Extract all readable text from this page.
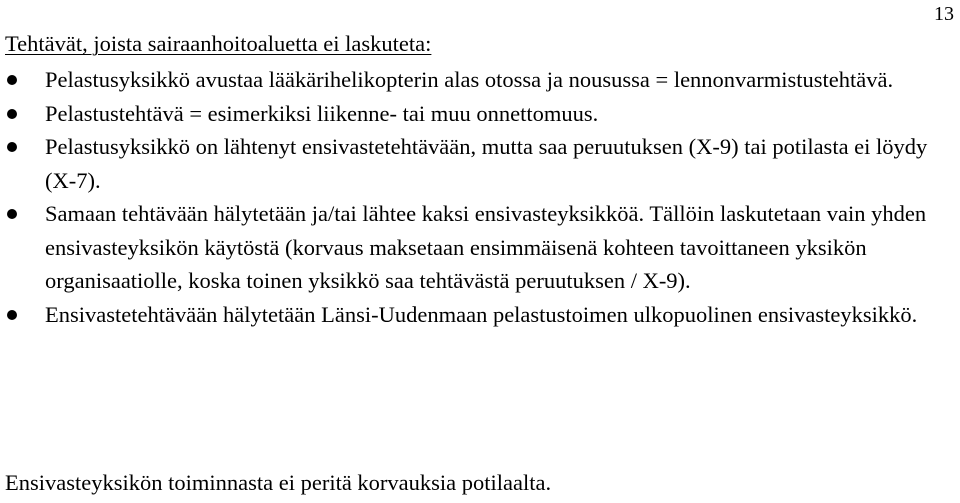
13
Tehtävät, joista sairaanhoitoaluetta ei laskuteta:
Pelastusyksikkö avustaa lääkärihelikopterin alas otossa ja nousussa = lennonvarmistustehtävä.
Pelastustehtävä = esimerkiksi liikenne- tai muu onnettomuus.
Pelastusyksikkö on lähtenyt ensivastetehtävään, mutta saa peruutuksen (X-9) tai potilasta ei löydy (X-7).
Samaan tehtävään hälytetään ja/tai lähtee kaksi ensivasteyksikköä. Tällöin laskutetaan vain yhden ensivasteyksikön käytöstä (korvaus maksetaan ensimmäisenä kohteen tavoittaneen yksikön organisaatiolle, koska toinen yksikkö saa tehtävästä peruutuksen / X-9).
Ensivastetehtävään hälytetään Länsi-Uudenmaan pelastustoimen ulkopuolinen ensivasteyksikkö.
Ensivasteyksikön toiminnasta ei peritä korvauksia potilaalta.
